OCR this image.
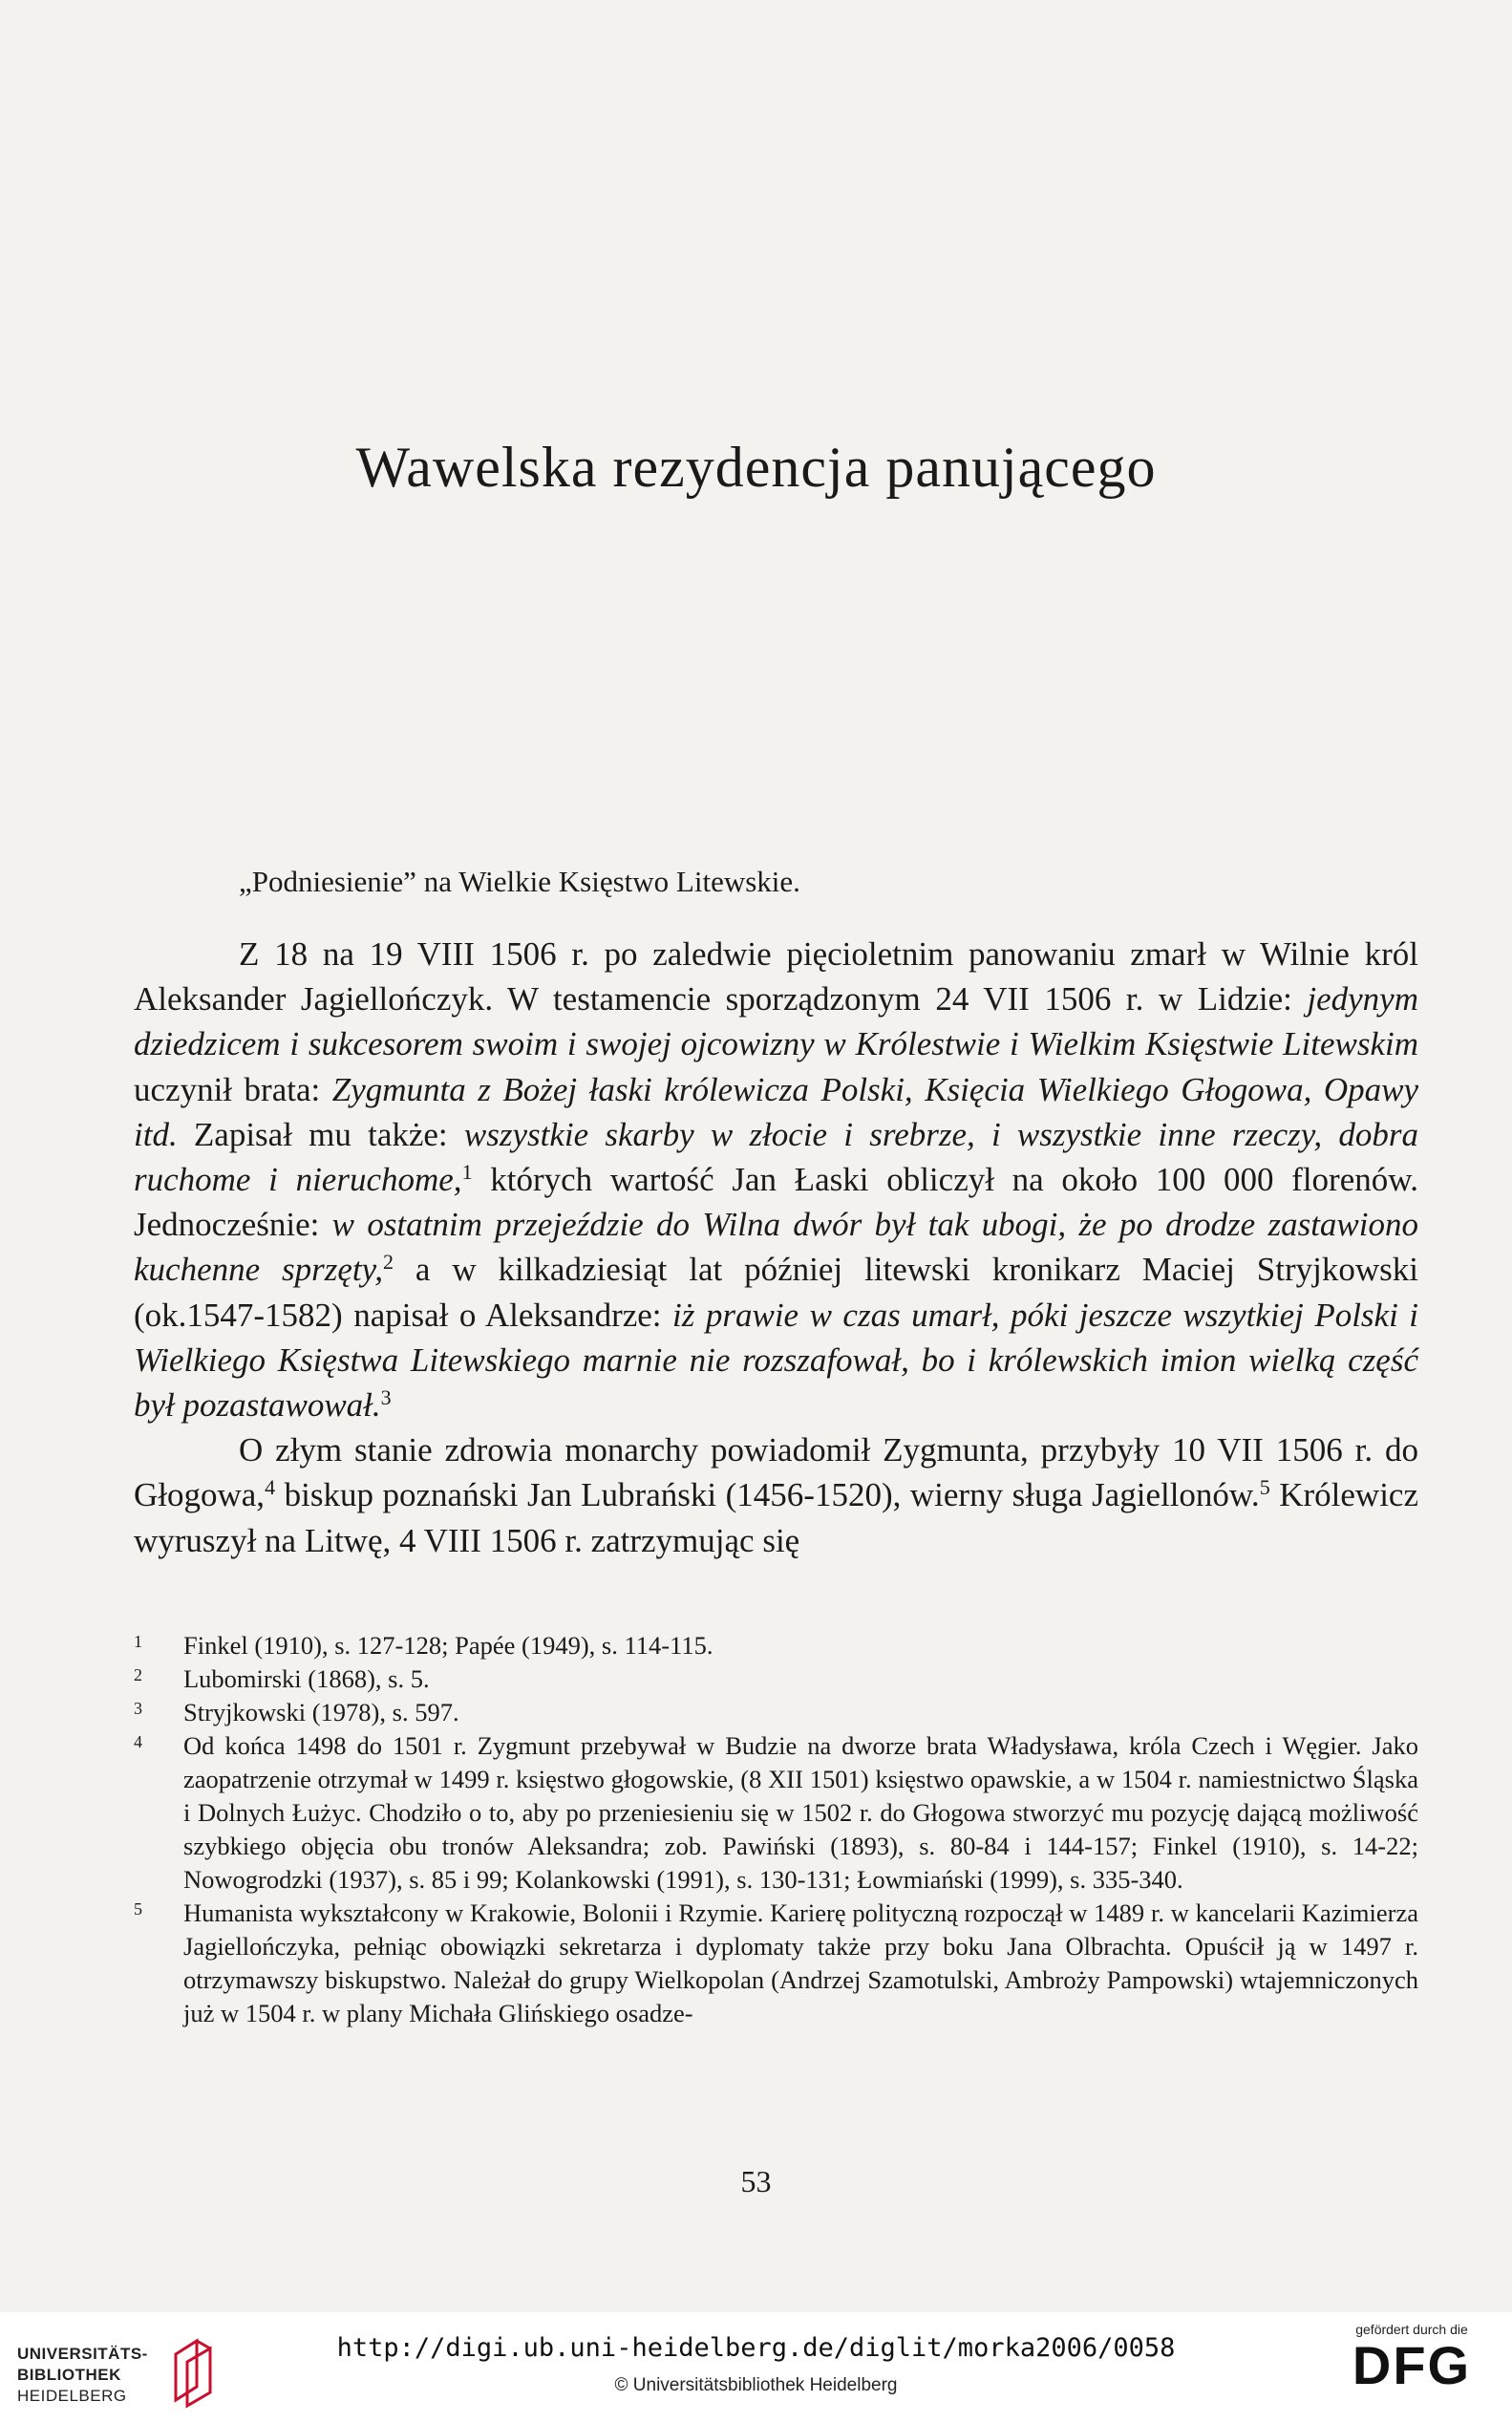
Wawelska rezydencja panującego
„Podniesienie” na Wielkie Księstwo Litewskie.

Z 18 na 19 VIII 1506 r. po zaledwie pięcioletnim panowaniu zmarł w Wilnie król Aleksander Jagiellończyk. W testamencie sporządzonym 24 VII 1506 r. w Lidzie: jedynym dziedzicem i sukcesorem swoim i swojej ojcowizny w Królestwie i Wielkim Księstwie Litewskim uczynił brata: Zygmunta z Bożej łaski królewicza Polski, Księcia Wielkiego Głogowa, Opawy itd. Zapisał mu także: wszystkie skarby w złocie i srebrze, i wszystkie inne rzeczy, dobra ruchome i nieruchome,$^1$ których wartość Jan Łaski obliczył na około 100 000 florenów. Jednocześnie: w ostatnim przejeździe do Wilna dwór był tak ubogi, że po drodze zastawiono kuchenne sprzęty,$^2$ a w kilkadziesiąt lat później litewski kronikarz Maciej Stryjkowski (ok.1547-1582) napisał o Aleksandrze: iż prawie w czas umarł, póki jeszcze wszytkiej Polski i Wielkiego Księstwa Litewskiego marnie nie rozszafował, bo i królewskich imion wielką część był pozastawował.$^3$

O złym stanie zdrowia monarchy powiadomił Zygmunta, przybyły 10 VII 1506 r. do Głogowa,$^4$ biskup poznański Jan Lubrański (1456-1520), wierny sługa Jagiellonów.$^5$ Królewicz wyruszył na Litwę, 4 VIII 1506 r. zatrzymując się

1 Finkel (1910), s. 127-128; Papée (1949), s. 114-115.
2 Lubomirski (1868), s. 5.
3 Stryjkowski (1978), s. 597.
4 Od końca 1498 do 1501 r. Zygmunt przebywał w Budzie na dworze brata Władysława, króla Czech i Węgier. Jako zaopatrzenie otrzymał w 1499 r. księstwo głogowskie, (8 XII 1501) księstwo opawskie, a w 1504 r. namiestnictwo Śląska i Dolnych Łużyc. Chodziło o to, aby po przeniesieniu się w 1502 r. do Głogowa stworzyć mu pozycję dającą możliwość szybkiego objęcia obu tronów Aleksandra; zob. Pawiński (1893), s. 80-84 i 144-157; Finkel (1910), s. 14-22; Nowogrodzki (1937), s. 85 i 99; Kolankowski (1991), s. 130-131; Łowmiański (1999), s. 335-340.
5 Humanista wykształcony w Krakowie, Bolonii i Rzymie. Karierę polityczną rozpoczął w 1489 r. w kancelarii Kazimierza Jagiellończyka, pełniąc obowiązki sekretarza i dyplomaty także przy boku Jana Olbrachta. Opuścił ją w 1497 r. otrzymawszy biskupstwo. Należał do grupy Wielkopolan (Andrzej Szamotulski, Ambroży Pampowski) wtajemniczonych już w 1504 r. w plany Michała Glińskiego osadze-
53
UNIVERSITÄTS-
BIBLIOTHEK
HEIDELBERG
http://digi.ub.uni-heidelberg.de/diglit/morka2006/0058
© Universitätsbibliothek Heidelberg
gefördert durch die
DFG
